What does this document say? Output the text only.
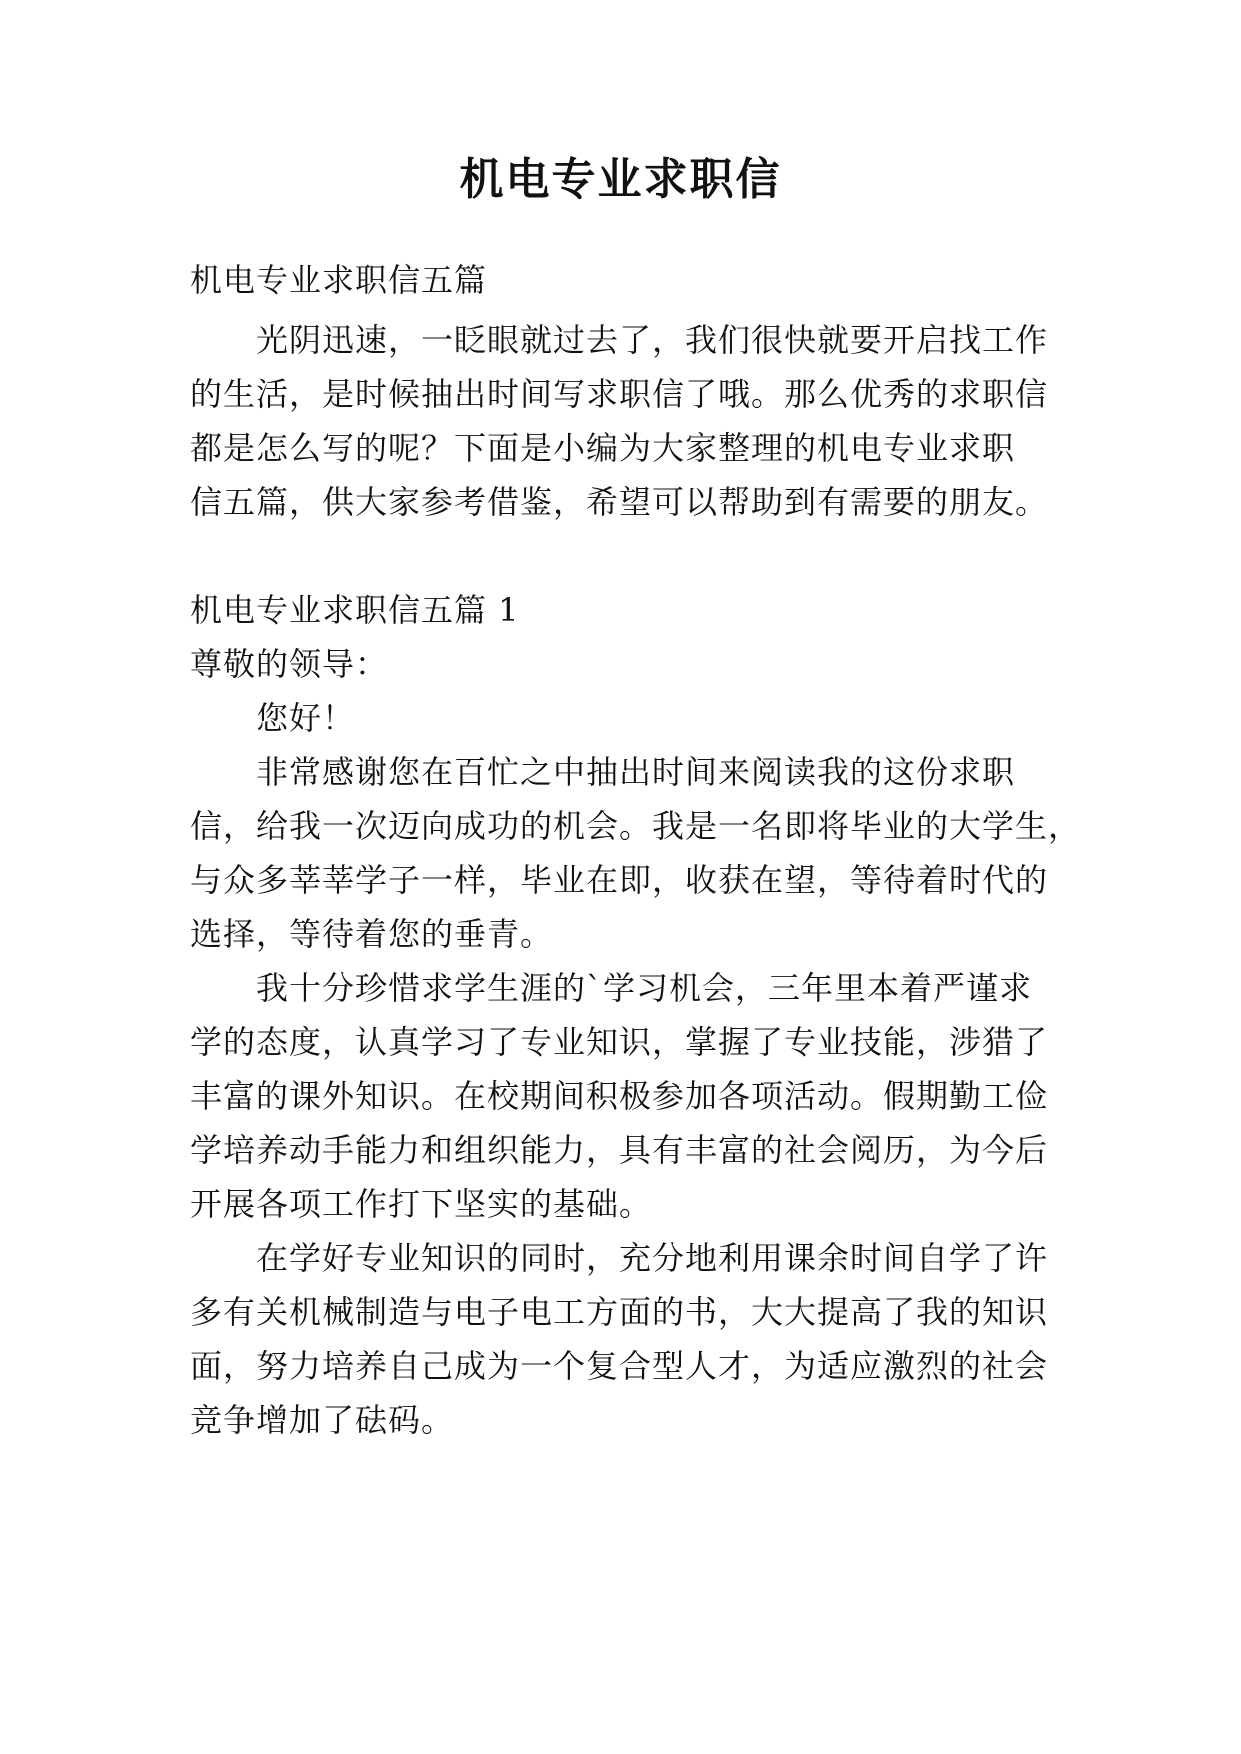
机电专业求职信

机电专业求职信五篇

光阴迅速，一眨眼就过去了，我们很快就要开启找工作

的生活，是时候抽出时间写求职信了哦。那么优秀的求职信

都是怎么写的呢？下面是小编为大家整理的机电专业求职

信五篇，供大家参考借鉴，希望可以帮助到有需要的朋友。

机电专业求职信五篇 1

尊敬的领导：

您好！

非常感谢您在百忙之中抽出时间来阅读我的这份求职

信，给我一次迈向成功的机会。我是一名即将毕业的大学生，

与众多莘莘学子一样，毕业在即，收获在望，等待着时代的

选择，等待着您的垂青。

我十分珍惜求学生涯的`学习机会，三年里本着严谨求

学的态度，认真学习了专业知识，掌握了专业技能，涉猎了

丰富的课外知识。在校期间积极参加各项活动。假期勤工俭

学培养动手能力和组织能力，具有丰富的社会阅历，为今后

开展各项工作打下坚实的基础。

在学好专业知识的同时，充分地利用课余时间自学了许

多有关机械制造与电子电工方面的书，大大提高了我的知识

面，努力培养自己成为一个复合型人才，为适应激烈的社会

竞争增加了砝码。
